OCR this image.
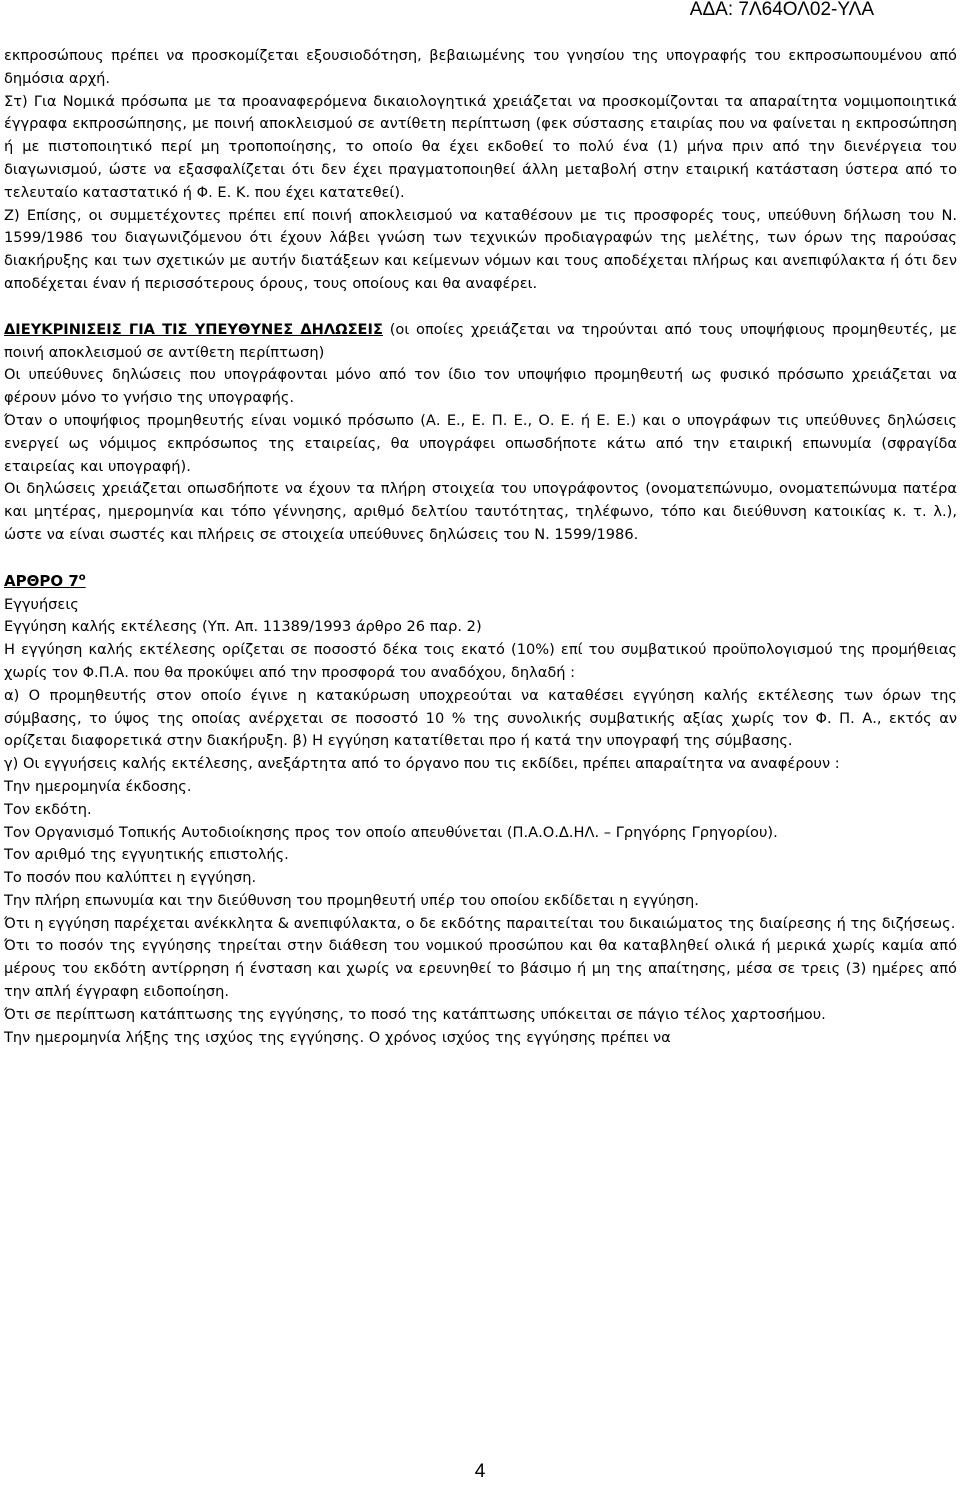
ΑΔΑ: 7Λ64ΟΛ02-ΥΛΑ

εκπροσώπους πρέπει να προσκομίζεται εξουσιοδότηση, βεβαιωμένης του γνησίου της υπογραφής του εκπροσωπουμένου από δημόσια αρχή.

Στ) Για Νομικά πρόσωπα με τα προαναφερόμενα δικαιολογητικά χρειάζεται να προσκομίζονται τα απαραίτητα νομιμοποιητικά έγγραφα εκπροσώπησης, με ποινή αποκλεισμού σε αντίθετη περίπτωση (φεκ σύστασης εταιρίας που να φαίνεται η εκπροσώπηση ή με πιστοποιητικό περί μη τροποποίησης, το οποίο θα έχει εκδοθεί το πολύ ένα (1) μήνα πριν από την διενέργεια του διαγωνισμού, ώστε να εξασφαλίζεται ότι δεν έχει πραγματοποιηθεί άλλη μεταβολή στην εταιρική κατάσταση ύστερα από το τελευταίο καταστατικό ή Φ. Ε. Κ. που έχει κατατεθεί).

Ζ) Επίσης, οι συμμετέχοντες πρέπει επί ποινή αποκλεισμού να καταθέσουν με τις προσφορές τους, υπεύθυνη δήλωση του Ν. 1599/1986 του διαγωνιζόμενου ότι έχουν λάβει γνώση των τεχνικών προδιαγραφών της μελέτης, των όρων της παρούσας διακήρυξης και των σχετικών με αυτήν διατάξεων και κείμενων νόμων και τους αποδέχεται πλήρως και ανεπιφύλακτα ή ότι δεν αποδέχεται έναν ή περισσότερους όρους, τους οποίους και θα αναφέρει.

ΔΙΕΥΚΡΙΝΙΣΕΙΣ ΓΙΑ ΤΙΣ ΥΠΕΥΘΥΝΕΣ ΔΗΛΩΣΕΙΣ (οι οποίες χρειάζεται να τηρούνται από τους υποψήφιους προμηθευτές, με ποινή αποκλεισμού σε αντίθετη περίπτωση)

Οι υπεύθυνες δηλώσεις που υπογράφονται μόνο από τον ίδιο τον υποψήφιο προμηθευτή ως φυσικό πρόσωπο χρειάζεται να φέρουν μόνο το γνήσιο της υπογραφής.

Όταν ο υποψήφιος προμηθευτής είναι νομικό πρόσωπο (Α. Ε., Ε. Π. Ε., Ο. Ε. ή Ε. Ε.) και ο υπογράφων τις υπεύθυνες δηλώσεις ενεργεί ως νόμιμος εκπρόσωπος της εταιρείας, θα υπογράφει οπωσδήποτε κάτω από την εταιρική επωνυμία (σφραγίδα εταιρείας και υπογραφή).

Οι δηλώσεις χρειάζεται οπωσδήποτε να έχουν τα πλήρη στοιχεία του υπογράφοντος (ονοματεπώνυμο, ονοματεπώνυμα πατέρα και μητέρας, ημερομηνία και τόπο γέννησης, αριθμό δελτίου ταυτότητας, τηλέφωνο, τόπο και διεύθυνση κατοικίας κ. τ. λ.), ώστε να είναι σωστές και πλήρεις σε στοιχεία υπεύθυνες δηλώσεις του Ν. 1599/1986.

ΑΡΘΡΟ $7^o$

Εγγυήσεις

Εγγύηση καλής εκτέλεσης (Υπ. Απ. 11389/1993 άρθρο 26 παρ. 2)

Η εγγύηση καλής εκτέλεσης ορίζεται σε ποσοστό δέκα τοις εκατό (10%) επί του συμβατικού προϋπολογισμού της προμήθειας χωρίς τον Φ.Π.Α. που θα προκύψει από την προσφορά του αναδόχου, δηλαδή :

α) Ο προμηθευτής στον οποίο έγινε η κατακύρωση υποχρεούται να καταθέσει εγγύηση καλής εκτέλεσης των όρων της σύμβασης, το ύψος της οποίας ανέρχεται σε ποσοστό 10 % της συνολικής συμβατικής αξίας χωρίς τον Φ. Π. Α., εκτός αν ορίζεται διαφορετικά στην διακήρυξη. β) Η εγγύηση κατατίθεται προ ή κατά την υπογραφή της σύμβασης.

γ) Οι εγγυήσεις καλής εκτέλεσης, ανεξάρτητα από το όργανο που τις εκδίδει, πρέπει απαραίτητα να αναφέρουν :

Την ημερομηνία έκδοσης.

Τον εκδότη.

Τον Οργανισμό Τοπικής Αυτοδιοίκησης προς τον οποίο απευθύνεται (Π.Α.Ο.Δ.ΗΛ. – Γρηγόρης Γρηγορίου).

Τον αριθμό της εγγυητικής επιστολής.

Το ποσόν που καλύπτει η εγγύηση.

Την πλήρη επωνυμία και την διεύθυνση του προμηθευτή υπέρ του οποίου εκδίδεται η εγγύηση.

Ότι η εγγύηση παρέχεται ανέκκλητα & ανεπιφύλακτα, ο δε εκδότης παραιτείται του δικαιώματος της διαίρεσης ή της διζήσεως.

Ότι το ποσόν της εγγύησης τηρείται στην διάθεση του νομικού προσώπου και θα καταβληθεί ολικά ή μερικά χωρίς καμία από μέρους του εκδότη αντίρρηση ή ένσταση και χωρίς να ερευνηθεί το βάσιμο ή μη της απαίτησης, μέσα σε τρεις (3) ημέρες από την απλή έγγραφη ειδοποίηση.

Ότι σε περίπτωση κατάπτωσης της εγγύησης, το ποσό της κατάπτωσης υπόκειται σε πάγιο τέλος χαρτοσήμου.

Την ημερομηνία λήξης της ισχύος της εγγύησης. Ο χρόνος ισχύος της εγγύησης πρέπει να

4
